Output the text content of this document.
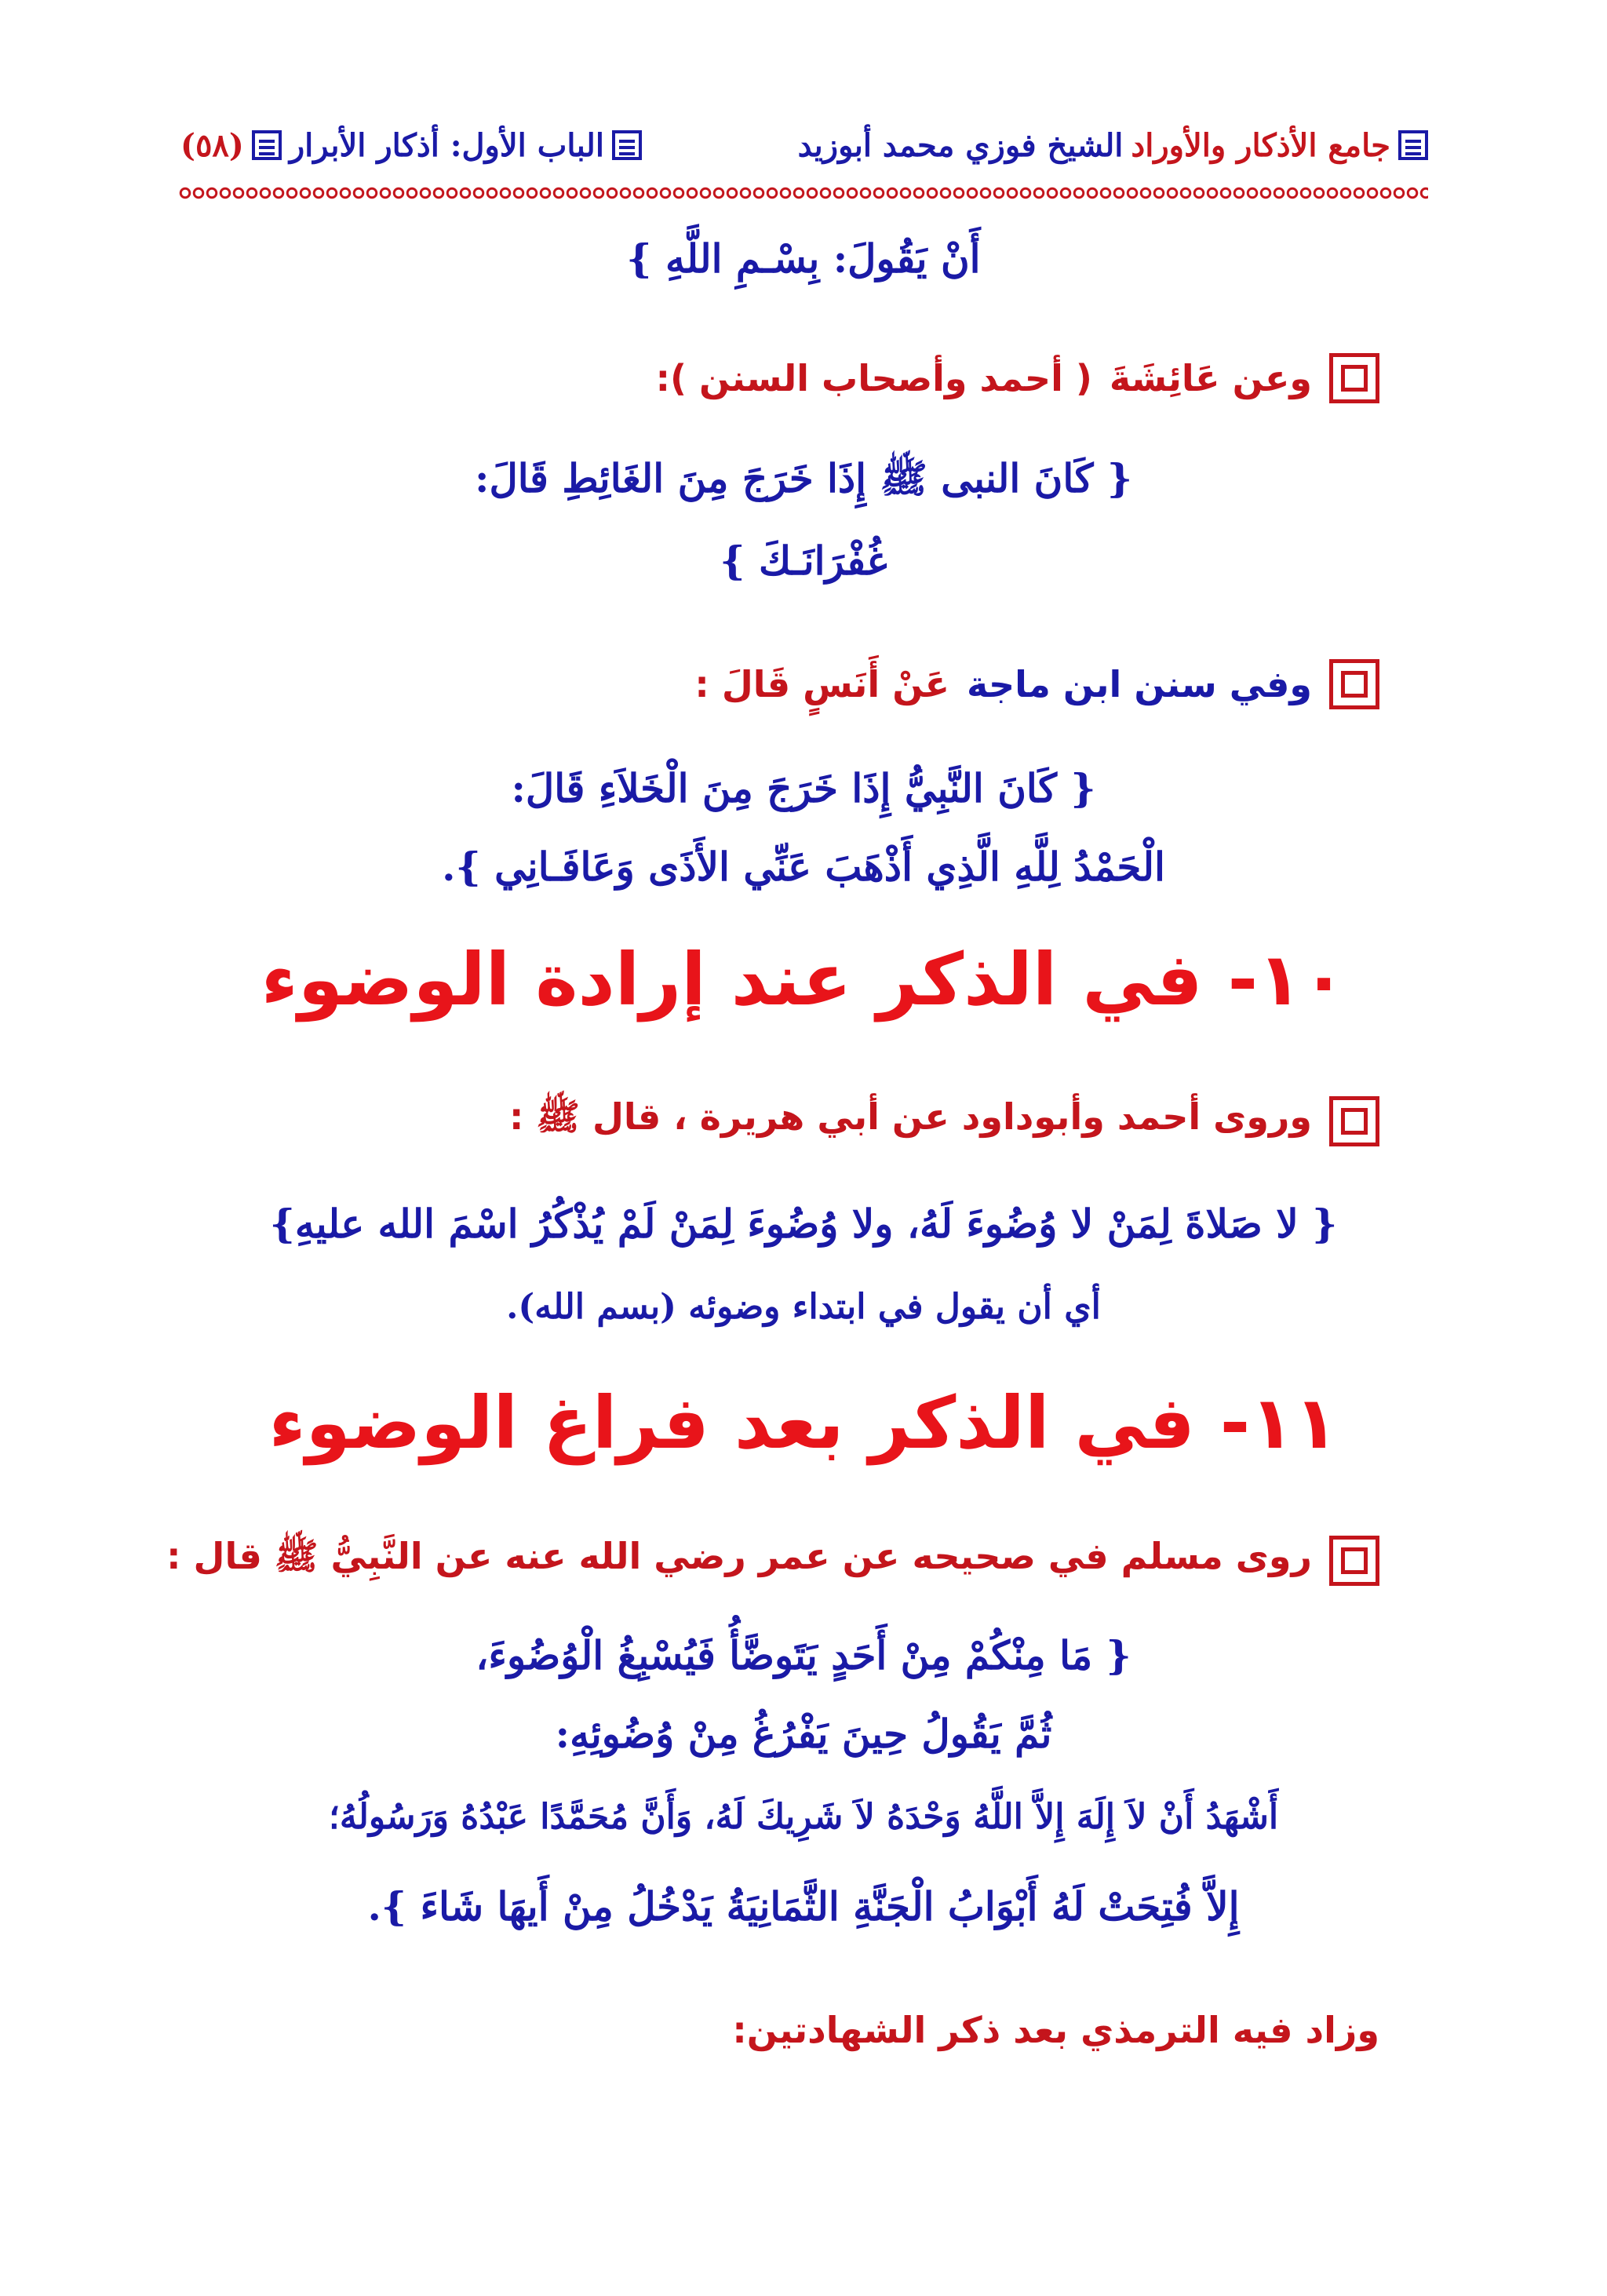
جامع الأذكار والأوراد
الشيخ فوزي محمد أبوزيد
الباب الأول: أذكار الأبرار
(٥٨)
أَنْ يَقُولَ: بِسْـمِ اللَّهِ }
وعن عَائِشَةَ
( أحمد وأصحاب السنن ):
{ كَانَ النبى ﷺ إِذَا خَرَجَ مِنَ الغَائِطِ قَالَ:
غُفْرَانَـكَ }
وفي سنن ابن ماجة
عَنْ أَنَسٍ قَالَ :
{ كَانَ النَّبِيُّ إِذَا خَرَجَ مِنَ الْخَلاَءِ قَالَ:
الْحَمْدُ لِلَّهِ الَّذِي أَذْهَبَ عَنِّي الأَذَى وَعَافَـانِي }.
١٠- في الذكر عند إرادة الوضوء
وروى أحمد وأبوداود عن أبي هريرة ، قال ﷺ :
{ لا صَلاةَ لِمَنْ لا وُضُوءَ لَهُ، ولا وُضُوءَ لِمَنْ لَمْ يُذْكُرُ اسْمَ الله عليهِ}
أي أن يقول في ابتداء وضوئه (بسم الله).
١١- في الذكر بعد فراغ الوضوء
روى مسلم في صحيحه عن عمر رضي الله عنه عن النَّبِيُّ ﷺ قال :
{ مَا مِنْكُمْ مِنْ أَحَدٍ يَتَوضَّأُ فَيُسْبِغُ الْوُضُوءَ،
ثُمَّ يَقُولُ حِينَ يَفْرُغُ مِنْ وُضُوئِهِ:
أَشْهَدُ أَنْ لاَ إِلَهَ إِلاَّ اللَّهُ وَحْدَهُ لاَ شَرِيكَ لَهُ، وَأَنَّ مُحَمَّدًا عَبْدُهُ وَرَسُولُهُ؛
إِلاَّ فُتِحَتْ لَهُ أَبْوَابُ الْجَنَّةِ الثَّمَانِيَةُ يَدْخُلُ مِنْ أَيهَا شَاءَ }.
وزاد فيه الترمذي بعد ذكر الشهادتين:
